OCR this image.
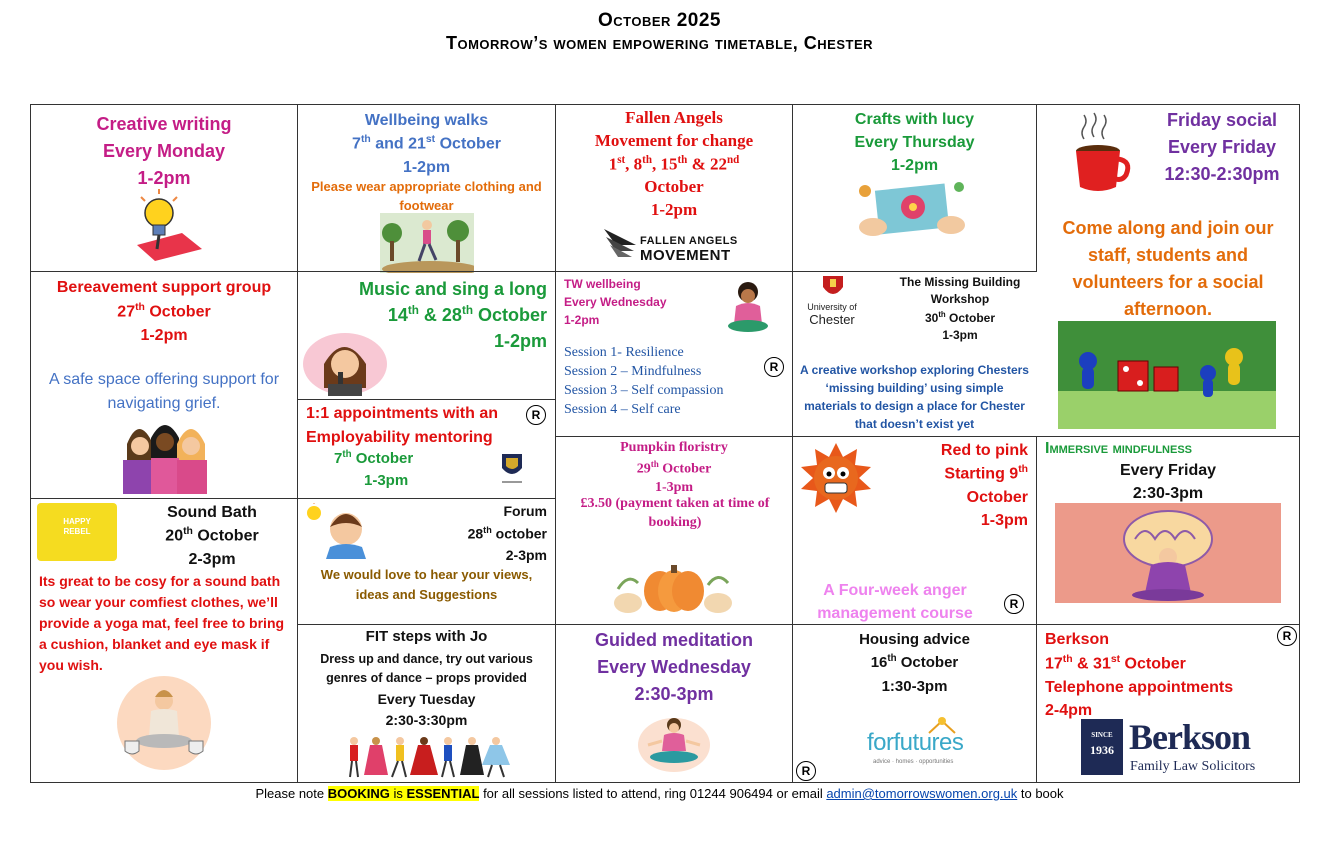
October 2025
Tomorrow’s women empowering timetable, Chester

Creative writing
Every Monday
1-2pm

Wellbeing walks
7th and 21st October
1-2pm

Please wear appropriate clothing and footwear

Fallen Angels
Movement for change
1st, 8th, 15th & 22nd
October
1-2pm

FALLEN ANGELS
MOVEMENT

Crafts with lucy
Every Thursday
1-2pm

Friday social
Every Friday
12:30-2:30pm

Come along and join our staff, students and volunteers for a social afternoon.

Bereavement support group
27th October
1-2pm

A safe space offering support for navigating grief.

Music and sing a long
14th & 28th October
1-2pm

1:1 appointments with an
Employability mentoring

7th October
1-3pm

R

TW wellbeing
Every Wednesday
1-2pm

Session 1- Resilience
Session 2 – Mindfulness
Session 3 – Self compassion
Session 4 – Self care

R
University of
Chester

The Missing Building Workshop
30th October
1-3pm

A creative workshop exploring Chesters ‘missing building’ using simple materials to design a place for Chester that doesn’t exist yet

Pumpkin floristry
29th October
1-3pm

£3.50 (payment taken at time of booking)

Red to pink
Starting 9th
October
1-3pm

A Four-week anger management course

R

Immersive mindfulness

Every Friday
2:30-3pm

HAPPY
REBEL

Sound Bath
20th October
2-3pm

Its great to be cosy for a sound bath so wear your comfiest clothes, we’ll provide a yoga mat, feel free to bring a cushion, blanket and eye mask if you wish.

Forum
28th october
2-3pm

We would love to hear your views, ideas and Suggestions

FIT steps with Jo

Dress up and dance, try out various genres of dance – props provided

Every Tuesday
2:30-3:30pm

Guided meditation
Every Wednesday
2:30-3pm

Housing advice
16th October
1:30-3pm

forfutures
advice · homes · opportunities
R

Berkson
17th & 31st October
Telephone appointments
2-4pm

R
SINCE
1936 Berkson
Family Law Solicitors
Please note BOOKING is ESSENTIAL for all sessions listed to attend, ring 01244 906494 or email admin@tomorrowswomen.org.uk to book
